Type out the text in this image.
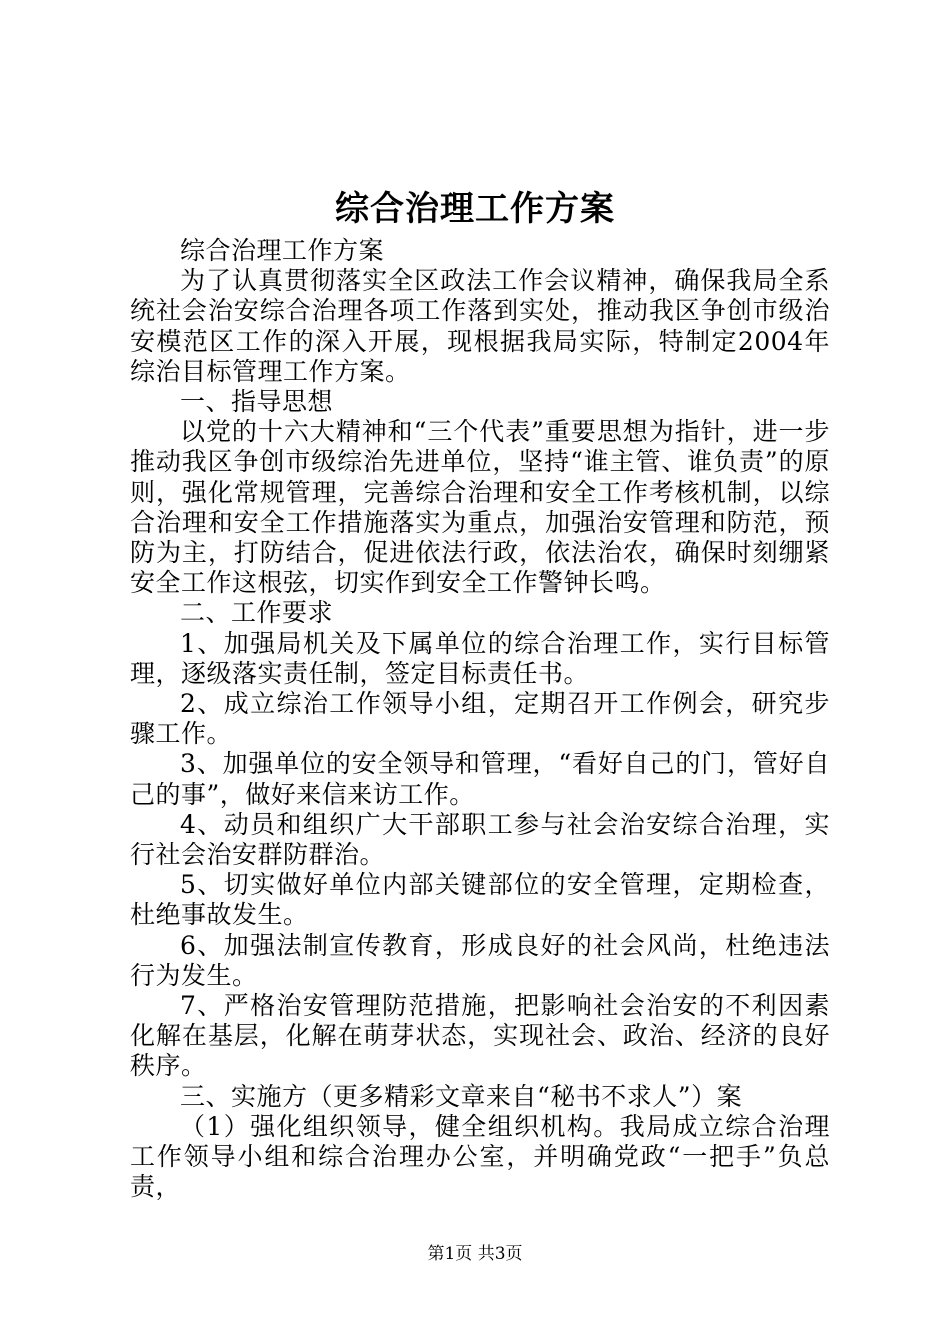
综合治理工作方案

综合治理工作方案

为了认真贯彻落实全区政法工作会议精神，确保我局全系统社会治安综合治理各项工作落到实处，推动我区争创市级治安模范区工作的深入开展，现根据我局实际，特制定2004年综治目标管理工作方案。

一、指导思想

以党的十六大精神和“三个代表”重要思想为指针，进一步推动我区争创市级综治先进单位，坚持“谁主管、谁负责”的原则，强化常规管理，完善综合治理和安全工作考核机制，以综合治理和安全工作措施落实为重点，加强治安管理和防范，预防为主，打防结合，促进依法行政，依法治农，确保时刻绷紧安全工作这根弦，切实作到安全工作警钟长鸣。

二、工作要求

1、加强局机关及下属单位的综合治理工作，实行目标管理，逐级落实责任制，签定目标责任书。

2、成立综治工作领导小组，定期召开工作例会，研究步骤工作。

3、加强单位的安全领导和管理，“看好自己的门，管好自己的事”，做好来信来访工作。

4、动员和组织广大干部职工参与社会治安综合治理，实行社会治安群防群治。

5、切实做好单位内部关键部位的安全管理，定期检查，杜绝事故发生。

6、加强法制宣传教育，形成良好的社会风尚，杜绝违法行为发生。

7、严格治安管理防范措施，把影响社会治安的不利因素化解在基层，化解在萌芽状态，实现社会、政治、经济的良好秩序。

三、实施方（更多精彩文章来自“秘书不求人”）案

（1）强化组织领导，健全组织机构。我局成立综合治理工作领导小组和综合治理办公室，并明确党政“一把手”负总责，

第1页 共3页
